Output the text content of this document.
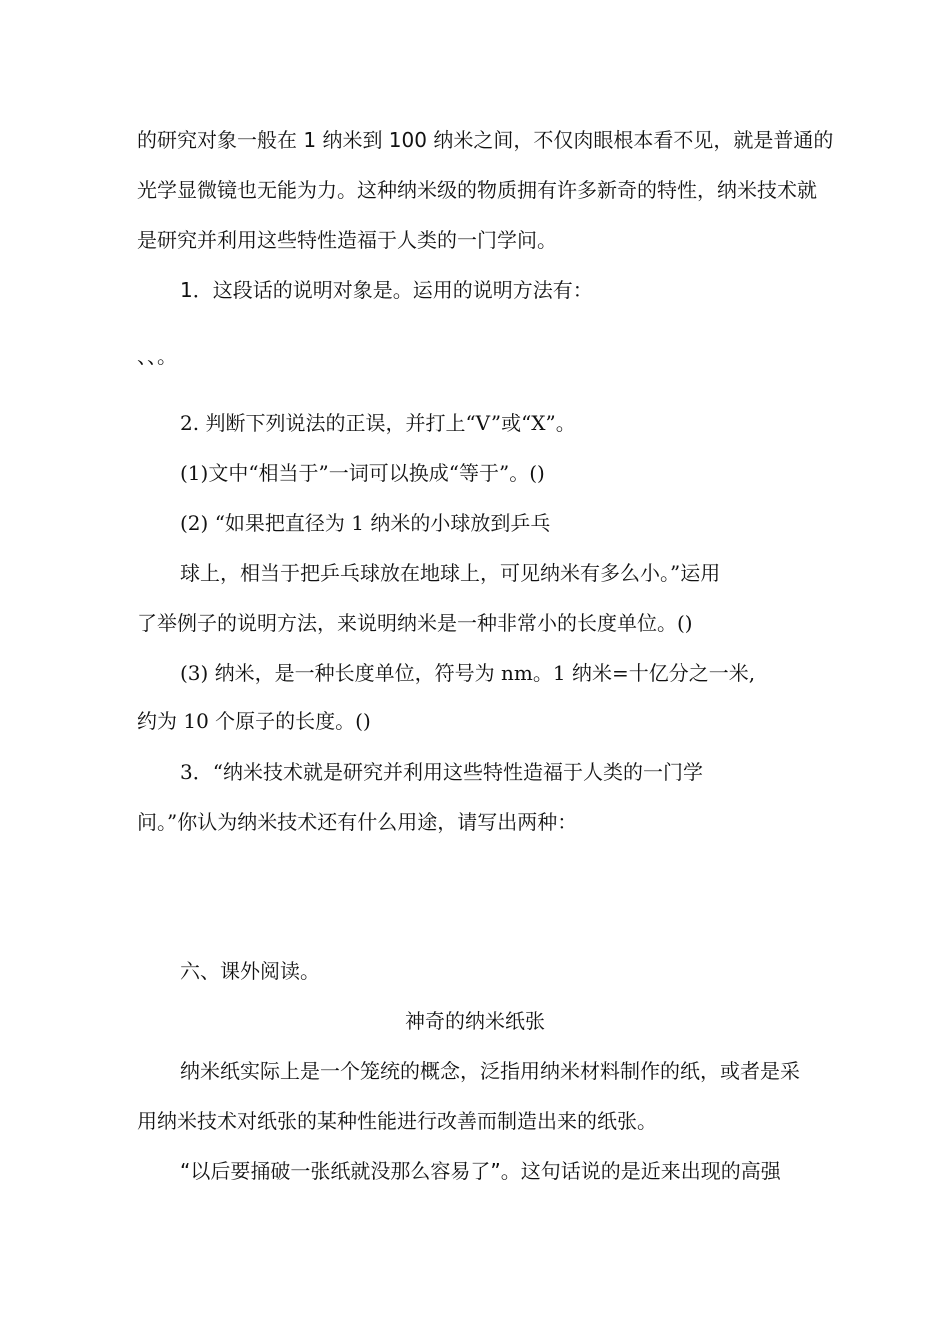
的研究对象一般在 1 纳米到 100 纳米之间，不仅肉眼根本看不见，就是普通的
光学显微镜也无能为力。这种纳米级的物质拥有许多新奇的特性，纳米技术就
是研究并利用这些特性造福于人类的一门学问。
1．这段话的说明对象是。运用的说明方法有：
、、。
2. 判断下列说法的正误，并打上“V”或“X”。
(1)文中“相当于”一词可以换成“等于”。()
(2) “如果把直径为 1 纳米的小球放到乒乓
球上，相当于把乒乓球放在地球上，可见纳米有多么小。”运用
了举例子的说明方法，来说明纳米是一种非常小的长度单位。()
(3) 纳米，是一种长度单位，符号为 nm。1 纳米=十亿分之一米,
约为 10 个原子的长度。()
3．“纳米技术就是研究并利用这些特性造福于人类的一门学
问。”你认为纳米技术还有什么用途，请写出两种：
六、课外阅读。
神奇的纳米纸张
纳米纸实际上是一个笼统的概念，泛指用纳米材料制作的纸，或者是采
用纳米技术对纸张的某种性能进行改善而制造出来的纸张。
“以后要捅破一张纸就没那么容易了”。这句话说的是近来出现的高强
